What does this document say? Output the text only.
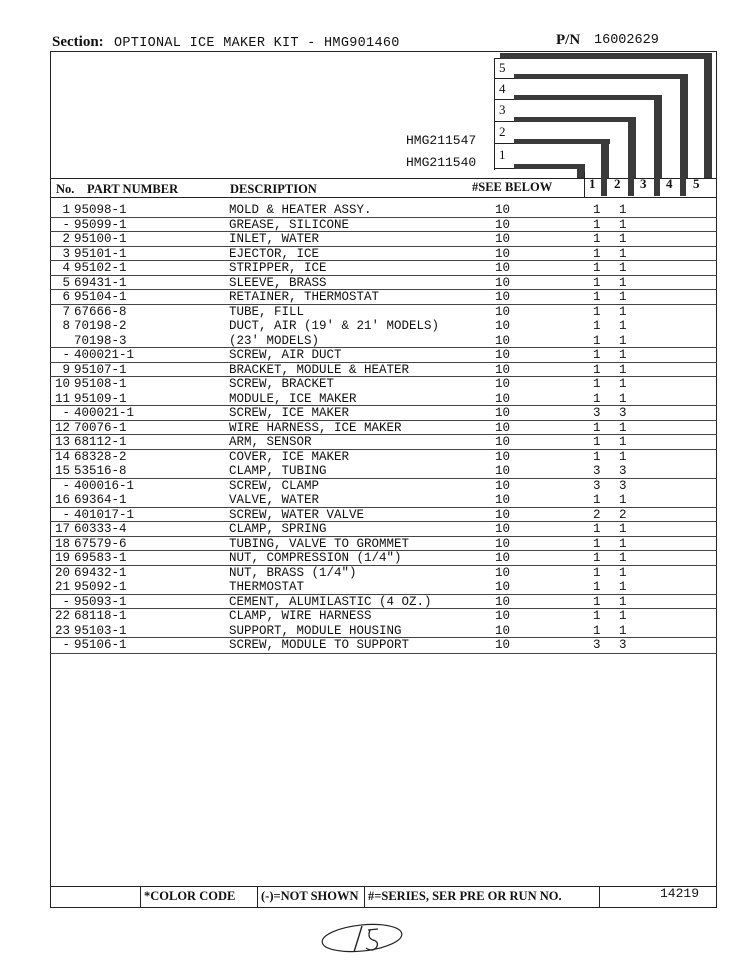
Section: OPTIONAL ICE MAKER KIT - HMG901460	P/N 16002629
5
4
3
2
1
HMG211547
HMG211540
No. PART NUMBER	DESCRIPTION	#SEE BELOW	1 2 3 4 5
1 95098-1	MOLD & HEATER ASSY.	10	1 1
- 95099-1	GREASE, SILICONE	10	1 1
2 95100-1	INLET, WATER	10	1 1
3 95101-1	EJECTOR, ICE	10	1 1
4 95102-1	STRIPPER, ICE	10	1 1
5 69431-1	SLEEVE, BRASS	10	1 1
6 95104-1	RETAINER, THERMOSTAT	10	1 1
7 67666-8	TUBE, FILL	10	1 1
8 70198-2	DUCT, AIR (19' & 21' MODELS)	10	1 1
70198-3	(23' MODELS)	10	1 1
- 400021-1	SCREW, AIR DUCT	10	1 1
9 95107-1	BRACKET, MODULE & HEATER	10	1 1
10 95108-1	SCREW, BRACKET	10	1 1
11 95109-1	MODULE, ICE MAKER	10	1 1
- 400021-1	SCREW, ICE MAKER	10	3 3
12 70076-1	WIRE HARNESS, ICE MAKER	10	1 1
13 68112-1	ARM, SENSOR	10	1 1
14 68328-2	COVER, ICE MAKER	10	1 1
15 53516-8	CLAMP, TUBING	10	3 3
- 400016-1	SCREW, CLAMP	10	3 3
16 69364-1	VALVE, WATER	10	1 1
- 401017-1	SCREW, WATER VALVE	10	2 2
17 60333-4	CLAMP, SPRING	10	1 1
18 67579-6	TUBING, VALVE TO GROMMET	10	1 1
19 69583-1	NUT, COMPRESSION (1/4")	10	1 1
20 69432-1	NUT, BRASS (1/4")	10	1 1
21 95092-1	THERMOSTAT	10	1 1
- 95093-1	CEMENT, ALUMILASTIC (4 OZ.)	10	1 1
22 68118-1	CLAMP, WIRE HARNESS	10	1 1
23 95103-1	SUPPORT, MODULE HOUSING	10	1 1
- 95106-1	SCREW, MODULE TO SUPPORT	10	3 3
*COLOR CODE (-)=NOT SHOWN #=SERIES, SER PRE OR RUN NO.	14219
